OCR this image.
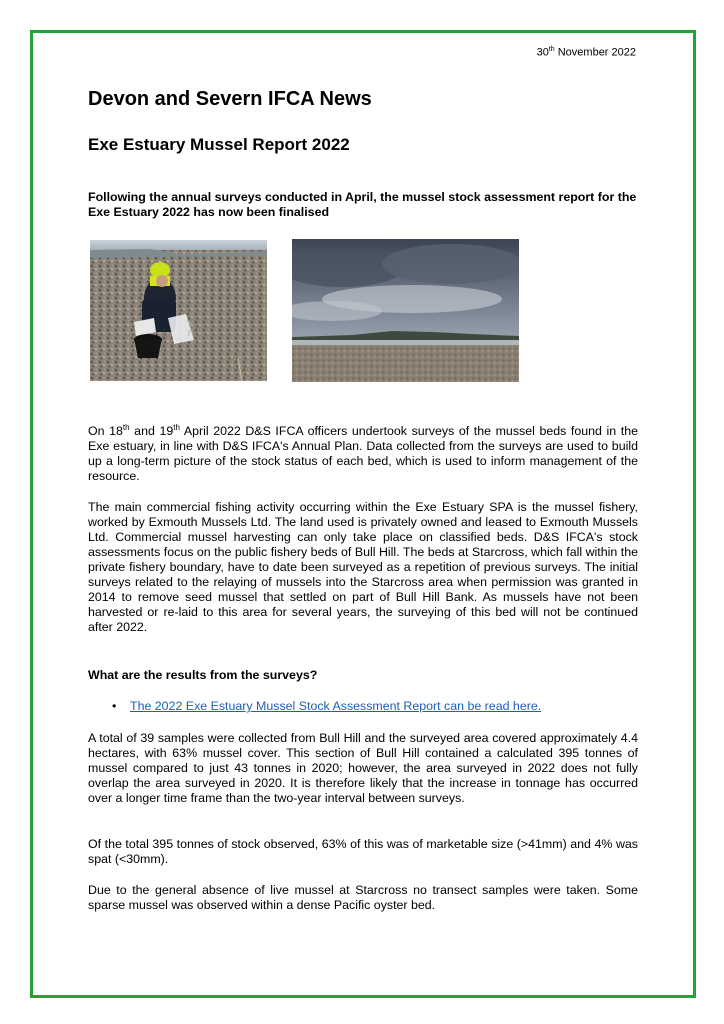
30th November 2022
Devon and Severn IFCA News
Exe Estuary Mussel Report 2022
Following the annual surveys conducted in April, the mussel stock assessment report for the Exe Estuary 2022 has now been finalised
On 18th and 19th April 2022 D&S IFCA officers undertook surveys of the mussel beds found in the Exe estuary, in line with D&S IFCA's Annual Plan. Data collected from the surveys are used to build up a long-term picture of the stock status of each bed, which is used to inform management of the resource.
The main commercial fishing activity occurring within the Exe Estuary SPA is the mussel fishery, worked by Exmouth Mussels Ltd. The land used is privately owned and leased to Exmouth Mussels Ltd. Commercial mussel harvesting can only take place on classified beds. D&S IFCA's stock assessments focus on the public fishery beds of Bull Hill. The beds at Starcross, which fall within the private fishery boundary, have to date been surveyed as a repetition of previous surveys. The initial surveys related to the relaying of mussels into the Starcross area when permission was granted in 2014 to remove seed mussel that settled on part of Bull Hill Bank. As mussels have not been harvested or re-laid to this area for several years, the surveying of this bed will not be continued after 2022.
What are the results from the surveys?
• The 2022 Exe Estuary Mussel Stock Assessment Report can be read here.
A total of 39 samples were collected from Bull Hill and the surveyed area covered approximately 4.4 hectares, with 63% mussel cover. This section of Bull Hill contained a calculated 395 tonnes of mussel compared to just 43 tonnes in 2020; however, the area surveyed in 2022 does not fully overlap the area surveyed in 2020. It is therefore likely that the increase in tonnage has occurred over a longer time frame than the two-year interval between surveys.
Of the total 395 tonnes of stock observed, 63% of this was of marketable size (>41mm) and 4% was spat (<30mm).
Due to the general absence of live mussel at Starcross no transect samples were taken. Some sparse mussel was observed within a dense Pacific oyster bed.
